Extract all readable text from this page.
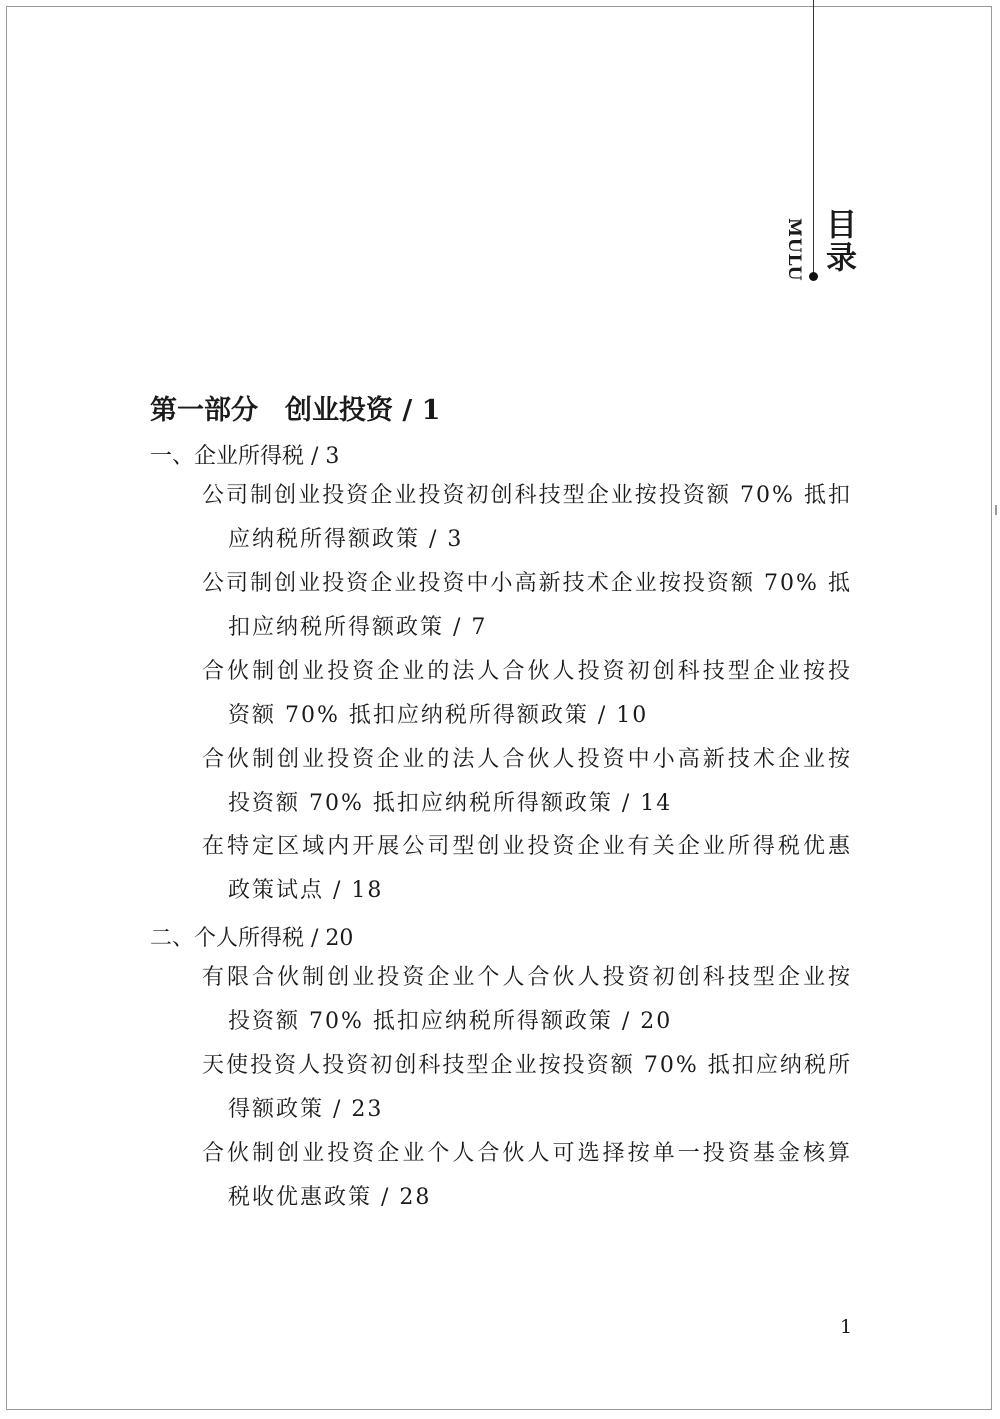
目录
MULU
第一部分　创业投资 / 1
一、企业所得税 / 3
公司制创业投资企业投资初创科技型企业按投资额 70% 抵扣
应纳税所得额政策 / 3
公司制创业投资企业投资中小高新技术企业按投资额 70% 抵
扣应纳税所得额政策 / 7
合伙制创业投资企业的法人合伙人投资初创科技型企业按投
资额 70% 抵扣应纳税所得额政策 / 10
合伙制创业投资企业的法人合伙人投资中小高新技术企业按
投资额 70% 抵扣应纳税所得额政策 / 14
在特定区域内开展公司型创业投资企业有关企业所得税优惠
政策试点 / 18
二、个人所得税 / 20
有限合伙制创业投资企业个人合伙人投资初创科技型企业按
投资额 70% 抵扣应纳税所得额政策 / 20
天使投资人投资初创科技型企业按投资额 70% 抵扣应纳税所
得额政策 / 23
合伙制创业投资企业个人合伙人可选择按单一投资基金核算
税收优惠政策 / 28
1
